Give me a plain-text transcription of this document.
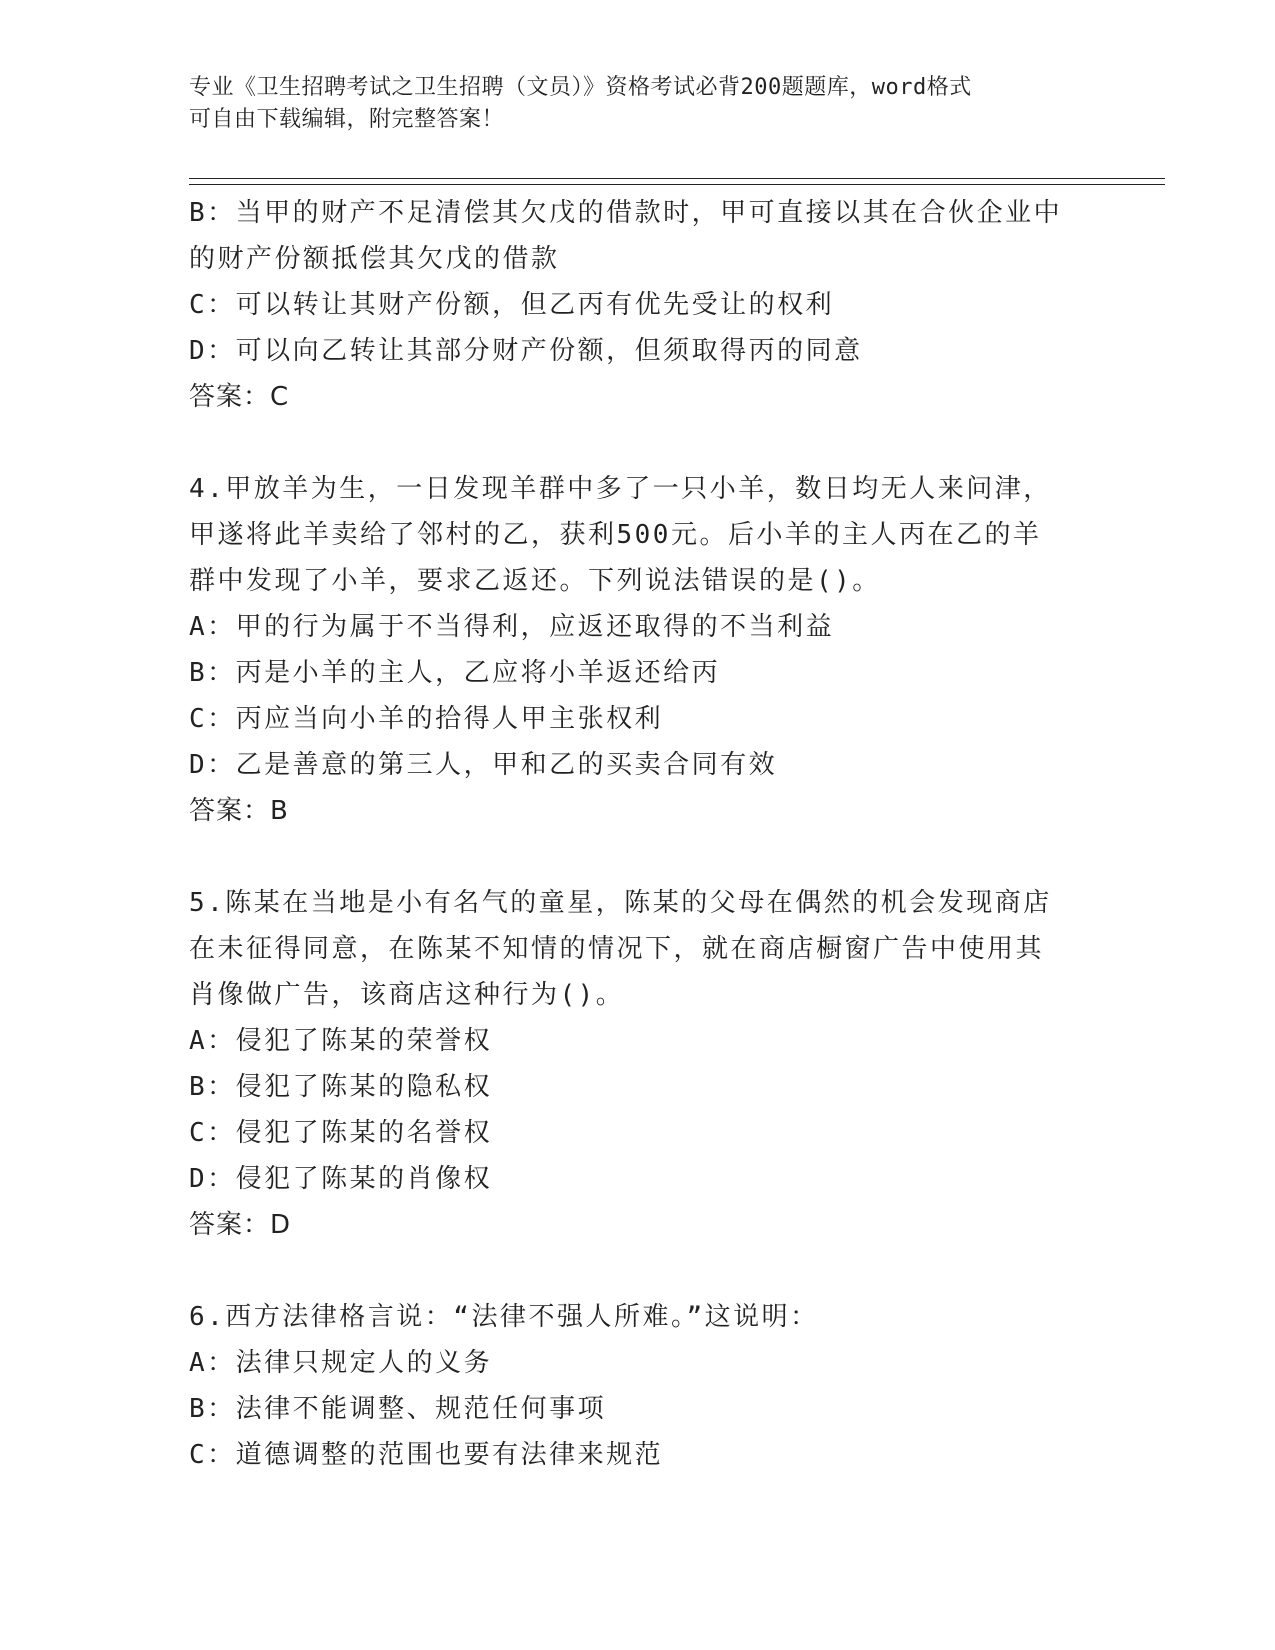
专业《卫生招聘考试之卫生招聘（文员）》资格考试必背200题题库，word格式
可自由下载编辑，附完整答案！
B：当甲的财产不足清偿其欠戊的借款时，甲可直接以其在合伙企业中
的财产份额抵偿其欠戊的借款
C：可以转让其财产份额，但乙丙有优先受让的权利
D：可以向乙转让其部分财产份额，但须取得丙的同意
答案：C
4.甲放羊为生，一日发现羊群中多了一只小羊，数日均无人来问津，
甲遂将此羊卖给了邻村的乙，获利500元。后小羊的主人丙在乙的羊
群中发现了小羊，要求乙返还。下列说法错误的是()。
A：甲的行为属于不当得利，应返还取得的不当利益
B：丙是小羊的主人，乙应将小羊返还给丙
C：丙应当向小羊的拾得人甲主张权利
D：乙是善意的第三人，甲和乙的买卖合同有效
答案：B
5.陈某在当地是小有名气的童星，陈某的父母在偶然的机会发现商店
在未征得同意，在陈某不知情的情况下，就在商店橱窗广告中使用其
肖像做广告，该商店这种行为()。
A：侵犯了陈某的荣誉权
B：侵犯了陈某的隐私权
C：侵犯了陈某的名誉权
D：侵犯了陈某的肖像权
答案：D
6.西方法律格言说：“法律不强人所难。”这说明：
A：法律只规定人的义务
B：法律不能调整、规范任何事项
C：道德调整的范围也要有法律来规范
